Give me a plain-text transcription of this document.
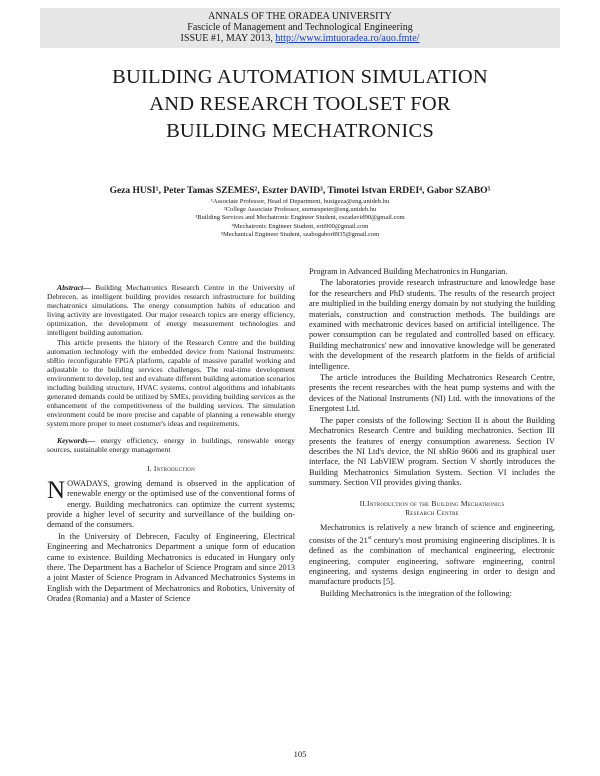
ANNALS OF THE ORADEA UNIVERSITY
Fascicle of Management and Technological Engineering
ISSUE #1, MAY 2013, http://www.imtuoradea.ro/auo.fmte/
BUILDING AUTOMATION SIMULATION
AND RESEARCH TOOLSET FOR
BUILDING MECHATRONICS
Geza HUSI¹, Peter Tamas SZEMES², Eszter DAVID³, Timotei Istvan ERDEI⁴, Gabor SZABO⁵
¹Associate Professor, Head of Department, husigeza@eng.unideb.hu
²College Associate Professor, szemespeter@eng.unideb.hu
³Building Services and Mechatronic Engineer Student, eszadavid90@gmail.com
⁴Mechatronic Engineer Student, erti900@gmail.com
⁵Mechanical Engineer Student, szabogabor8935@gmail.com

Abstract— Building Mechatronics Research Centre in the University of Debrecen, as intelligent building provides research infrastructure for building mechatronics simulations. The energy consumption habits of education and living activity are investigated. Our major research topics are energy efficiency, optimization, the development of energy measurement technologies and intelligent building automation.

This article presents the history of the Research Centre and the building automation technology with the embedded device from National Instruments: sbRio reconfigurable FPGA platform, capable of massive parallel working and adjustable to the building services challenges. The real-time development environment to develop, test and evaluate different building automation scenarios including building structure, HVAC systems, control algorithms and inhabitants generated demands could be utilized by SMEs, providing building services as the enhancement of the competitiveness of the building services. The simulation environment could be more precise and capable of planning a renewable energy system more proper to meet costumer's ideas and requirements.

Keywords— energy efficiency, energy in buildings, renewable energy sources, sustainable energy management

I. Introduction

NOWADAYS, growing demand is observed in the application of renewable energy or the optimised use of the conventional forms of energy. Building mechatronics can optimize the current systems; provide a higher level of security and surveillance of the building on-demand of the consumers.

In the University of Debrecen, Faculty of Engineering, Electrical Engineering and Mechatronics Department a unique form of education came to existence. Building Mechatronics is educated in Hungary only there. The Department has a Bachelor of Science Program and since 2013 a joint Master of Science Program in Advanced Mechatronics Systems in English with the Department of Mechatronics and Robotics, University of Oradea (Romania) and a Master of Science

Program in Advanced Building Mechatronics in Hungarian.

The laboratories provide research infrastructure and knowledge base for the researchers and PhD students. The results of the research project are multiplied in the building energy domain by not studying the building materials, construction and construction methods. The buildings are examined with mechatronic devices based on artificial intelligence. The power consumption can be regulated and controlled based on efficacy. Building mechatronics' new and innovative knowledge will be generated with the development of the research platform in the fields of artificial intelligence.

The article introduces the Building Mechatronics Research Centre, presents the recent researches with the heat pump systems and with the devices of the National Instruments (NI) Ltd. with the innovations of the Energotest Ltd.

The paper consists of the following: Section II is about the Building Mechatronics Research Centre and building mechatronics. Section III presents the features of energy consumption awareness. Section IV describes the NI Ltd's device, the NI sbRio 9606 and its graphical user interface, the NI LabVIEW program. Section V shortly introduces the Building Mechatronics Simulation System. Section VI includes the summary. Section VII provides giving thanks.

II.Introduction of the Building Mechatronics
Research Centre

Mechatronics is relatively a new branch of science and engineering, consists of the 21st century's most promising engineering disciplines. It is defined as the combination of mechanical engineering, electronic engineering, computer engineering, software engineering, control engineering, and systems design engineering in order to design and manufacture products [5].

Building Mechatronics is the integration of the following:

105
